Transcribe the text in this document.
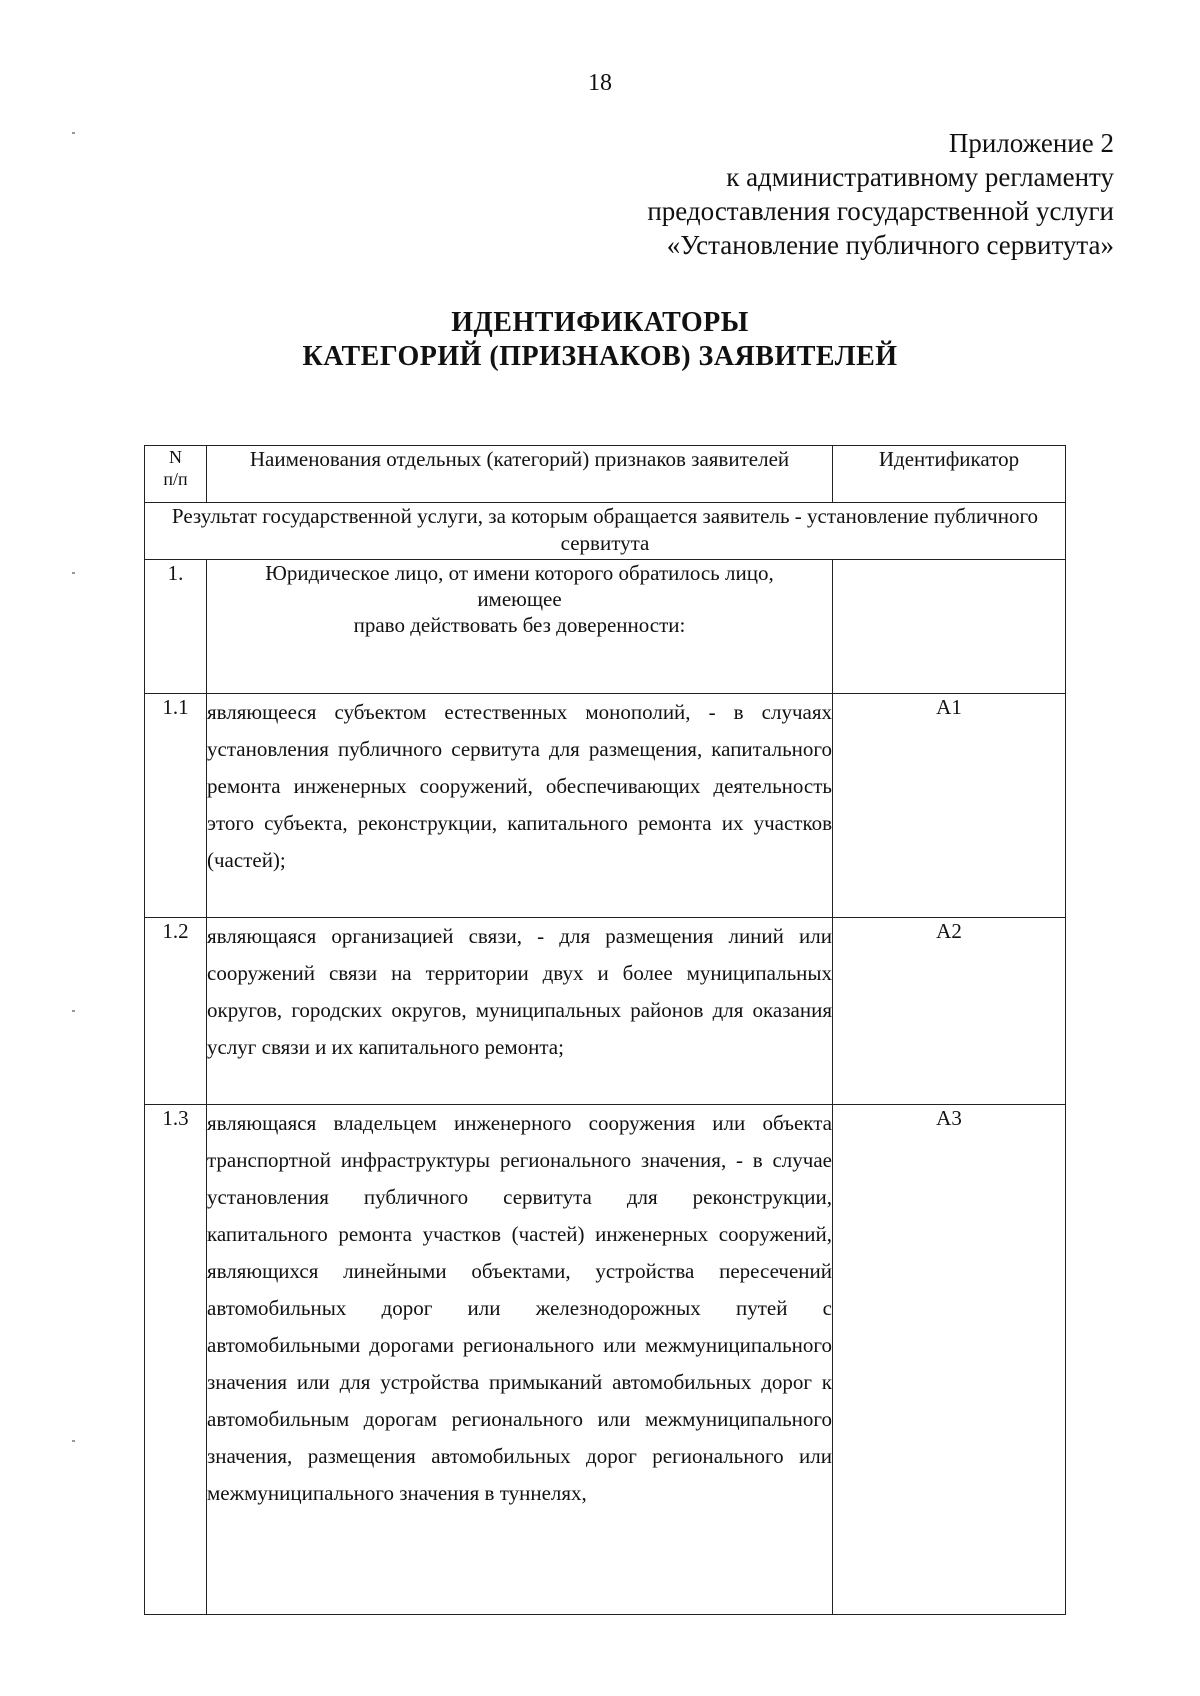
18
Приложение 2
к административному регламенту
предоставления государственной услуги
«Установление публичного сервитута»
ИДЕНТИФИКАТОРЫ
КАТЕГОРИЙ (ПРИЗНАКОВ) ЗАЯВИТЕЛЕЙ
N
п/п	Наименования отдельных (категорий) признаков заявителей	Идентификатор
Результат государственной услуги, за которым обращается заявитель - установление публичного сервитута		
1.	Юридическое лицо, от имени которого обратилось лицо,
имеющее
право действовать без доверенности:	

1.1	являющееся субъектом естественных монополий, - в случаях установления публичного сервитута для размещения, капитального ремонта инженерных сооружений, обеспечивающих деятельность этого субъекта, реконструкции, капитального ремонта их участков (частей);	А1
1.2	являющаяся организацией связи, - для размещения линий или сооружений связи на территории двух и более муниципальных округов, городских округов, муниципальных районов для оказания услуг связи и их капитального ремонта;	А2
1.3	являющаяся владельцем инженерного сооружения или объекта транспортной инфраструктуры регионального значения, - в случае установления публичного сервитута для реконструкции, капитального ремонта участков (частей) инженерных сооружений, являющихся линейными объектами, устройства пересечений автомобильных дорог или железнодорожных путей с автомобильными дорогами регионального или межмуниципального значения или для устройства примыканий автомобильных дорог к автомобильным дорогам регионального или межмуниципального значения, размещения автомобильных дорог регионального или межмуниципального значения в туннелях,	А3
